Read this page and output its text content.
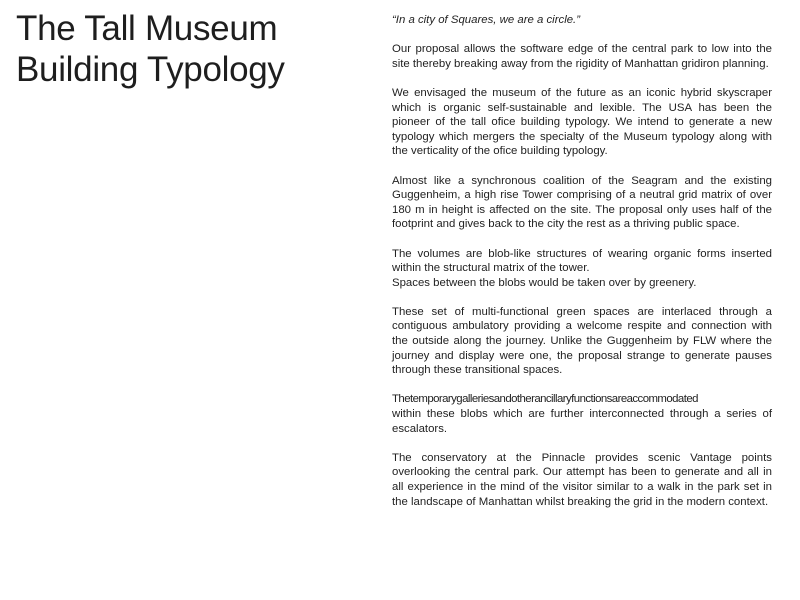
The Tall Museum
Building Typology

“In a city of Squares, we are a circle.”

Our proposal allows the software edge of the central park to low into the site thereby breaking away from the rigidity of Manhattan gridiron planning.

We envisaged the museum of the future as an iconic hybrid skyscraper which is organic self-sustainable and lexible. The USA has been the pioneer of the tall ofice building typology. We intend to generate a new typology which mergers the specialty of the Museum typology along with the verticality of the ofice building typology.

Almost like a synchronous coalition of the Seagram and the existing Guggenheim, a high rise Tower comprising of a neutral grid matrix of over 180 m in height is affected on the site. The proposal only uses half of the footprint and gives back to the city the rest as a thriving public space.

The volumes are blob-like structures of wearing organic forms inserted within the structural matrix of the tower.
Spaces between the blobs would be taken over by greenery.

These set of multi-functional green spaces are interlaced through a contiguous ambulatory providing a welcome respite and connection with the outside along the journey. Unlike the Guggenheim by FLW where the journey and display were one, the proposal strange to generate pauses through these transitional spaces.

Thetemporarygalleriesandotherancillaryfunctionsareaccommodated
within these blobs which are further interconnected through a series of escalators.

The conservatory at the Pinnacle provides scenic Vantage points overlooking the central park. Our attempt has been to generate and all in all experience in the mind of the visitor similar to a walk in the park set in the landscape of Manhattan whilst breaking the grid in the modern context.
